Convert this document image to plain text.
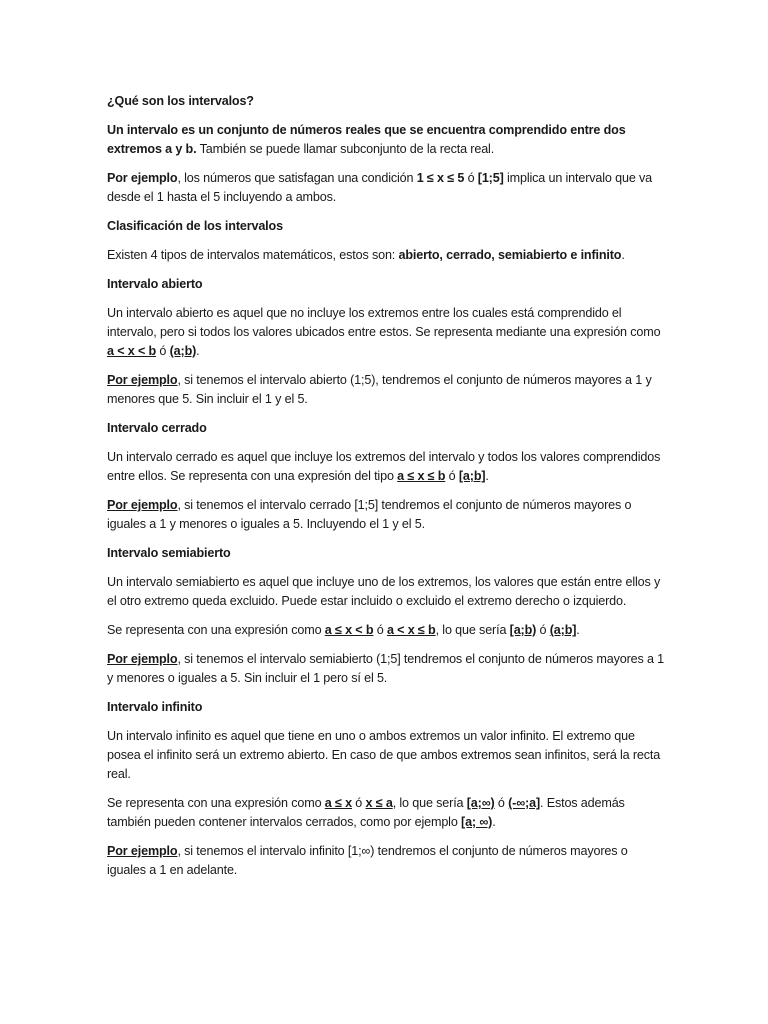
¿Qué son los intervalos?

Un intervalo es un conjunto de números reales que se encuentra comprendido entre dos extremos a y b. También se puede llamar subconjunto de la recta real.

Por ejemplo, los números que satisfagan una condición 1 ≤ x ≤ 5 ó [1;5] implica un intervalo que va desde el 1 hasta el 5 incluyendo a ambos.

Clasificación de los intervalos

Existen 4 tipos de intervalos matemáticos, estos son: abierto, cerrado, semiabierto e infinito.

Intervalo abierto

Un intervalo abierto es aquel que no incluye los extremos entre los cuales está comprendido el intervalo, pero si todos los valores ubicados entre estos. Se representa mediante una expresión como a < x < b ó (a;b).

Por ejemplo, si tenemos el intervalo abierto (1;5), tendremos el conjunto de números mayores a 1 y menores que 5. Sin incluir el 1 y el 5.

Intervalo cerrado

Un intervalo cerrado es aquel que incluye los extremos del intervalo y todos los valores comprendidos entre ellos. Se representa con una expresión del tipo a ≤ x ≤ b ó [a;b].

Por ejemplo, si tenemos el intervalo cerrado [1;5] tendremos el conjunto de números mayores o iguales a 1 y menores o iguales a 5. Incluyendo el 1 y el 5.

Intervalo semiabierto

Un intervalo semiabierto es aquel que incluye uno de los extremos, los valores que están entre ellos y el otro extremo queda excluido. Puede estar incluido o excluido el extremo derecho o izquierdo.

Se representa con una expresión como a ≤ x < b ó a < x ≤ b, lo que sería [a;b) ó (a;b].

Por ejemplo, si tenemos el intervalo semiabierto (1;5] tendremos el conjunto de números mayores a 1 y menores o iguales a 5. Sin incluir el 1 pero sí el 5.

Intervalo infinito

Un intervalo infinito es aquel que tiene en uno o ambos extremos un valor infinito. El extremo que posea el infinito será un extremo abierto. En caso de que ambos extremos sean infinitos, será la recta real.

Se representa con una expresión como a ≤ x ó x ≤ a, lo que sería [a;∞) ó (-∞;a]. Estos además también pueden contener intervalos cerrados, como por ejemplo [a; ∞).

Por ejemplo, si tenemos el intervalo infinito [1;∞) tendremos el conjunto de números mayores o iguales a 1 en adelante.
